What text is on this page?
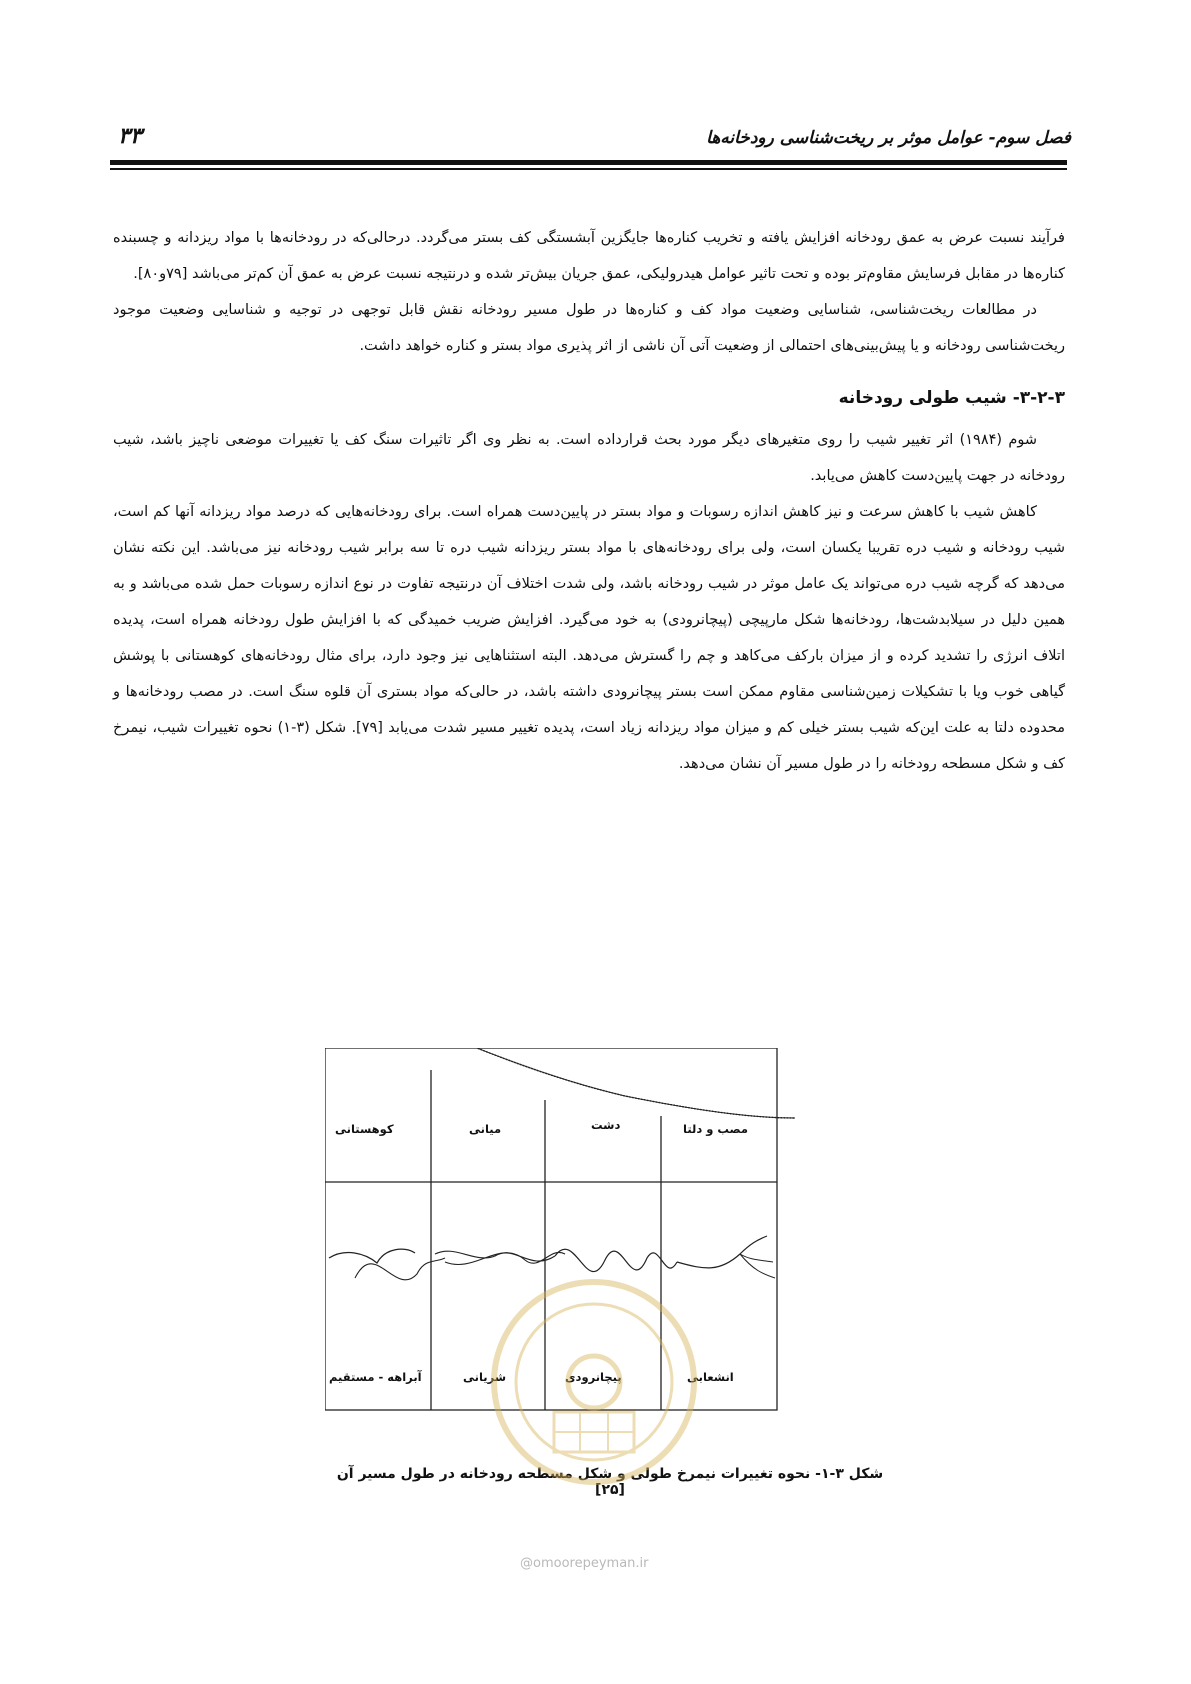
فصل سوم- عوامل موثر بر ریخت‌شناسی رودخانه‌ها
۳۳

فرآیند نسبت عرض به عمق رودخانه افزایش یافته و تخریب کناره‌ها جایگزین آبشستگی کف بستر می‌گردد. درحالی‌که در رودخانه‌ها با مواد ریزدانه و چسبنده کناره‌ها در مقابل فرسایش مقاوم‌تر بوده و تحت تاثیر عوامل هیدرولیکی، عمق جریان بیش‌تر شده و درنتیجه نسبت عرض به عمق آن کم‌تر می‌باشد [۷۹و۸۰].

در مطالعات ریخت‌شناسی، شناسایی وضعیت مواد کف و کناره‌ها در طول مسیر رودخانه نقش قابل توجهی در توجیه و شناسایی وضعیت موجود ریخت‌شناسی رودخانه و یا پیش‌بینی‌های احتمالی از وضعیت آتی آن ناشی از اثر پذیری مواد بستر و کناره خواهد داشت.

۳-۲-۳- شیب طولی رودخانه

شوم (۱۹۸۴) اثر تغییر شیب را روی متغیرهای دیگر مورد بحث قرارداده است. به نظر وی اگر تاثیرات سنگ کف یا تغییرات موضعی ناچیز باشد، شیب رودخانه در جهت پایین‌دست کاهش می‌یابد.

کاهش شیب با کاهش سرعت و نیز کاهش اندازه رسوبات و مواد بستر در پایین‌دست همراه است. برای رودخانه‌هایی که درصد مواد ریزدانه آنها کم است، شیب رودخانه و شیب دره تقریبا یکسان است، ولی برای رودخانه‌های با مواد بستر ریزدانه شیب دره تا سه برابر شیب رودخانه نیز می‌باشد. این نکته نشان می‌دهد که گرچه شیب دره می‌تواند یک عامل موثر در شیب رودخانه باشد، ولی شدت اختلاف آن درنتیجه تفاوت در نوع اندازه رسوبات حمل شده می‌باشد و به همین دلیل در سیلابدشت‌ها، رودخانه‌ها شکل مارپیچی (پیچانرودی) به خود می‌گیرد. افزایش ضریب خمیدگی که با افزایش طول رودخانه همراه است، پدیده اتلاف انرژی را تشدید کرده و از میزان بارکف می‌کاهد و چم را گسترش می‌دهد. البته استثناهایی نیز وجود دارد، برای مثال رودخانه‌های کوهستانی با پوشش گیاهی خوب ویا با تشکیلات زمین‌شناسی مقاوم ممکن است بستر پیچانرودی داشته باشد، در حالی‌که مواد بستری آن قلوه سنگ است. در مصب رودخانه‌ها و محدوده دلتا به علت این‌که شیب بستر خیلی کم و میزان مواد ریزدانه زیاد است، پدیده تغییر مسیر شدت می‌یابد [۷۹]. شکل (۳-۱) نحوه تغییرات شیب، نیمرخ کف و شکل مسطحه رودخانه را در طول مسیر آن نشان می‌دهد.

کوهستانی	میانی	دشت	مصب و دلتا
آبراهه - مستقیم	شریانی	پیچانرودی	انشعابی
شکل ۳-۱- نحوه تغییرات نیمرخ طولی و شکل مسطحه رودخانه در طول مسیر آن [۲۵]
@omoorepeyman.ir
